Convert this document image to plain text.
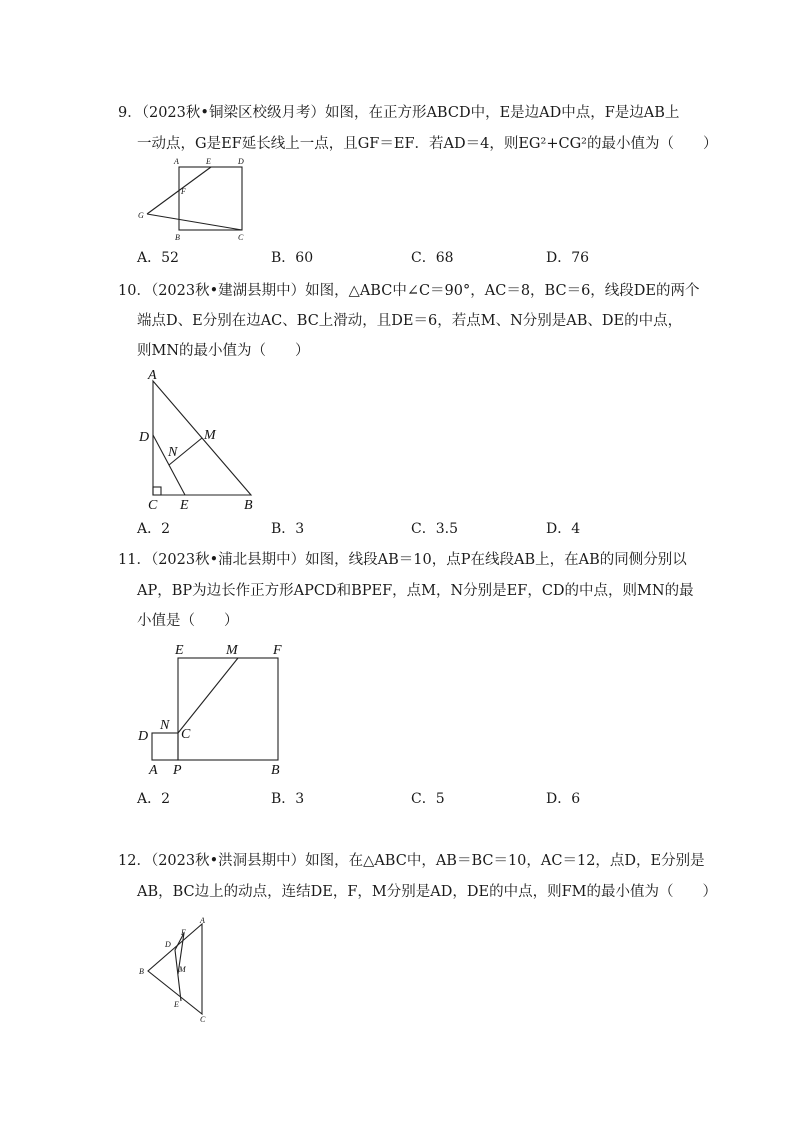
9．（2023秋•铜梁区校级月考）如图，在正方形ABCD中，E是边AD中点，F是边AB上
一动点，G是EF延长线上一点，且GF＝EF．若AD＝4，则EG²+CG²的最小值为（　　）
A	E	D
F
G
B	C
A．52	B．60	C．68	D．76
10．（2023秋•建湖县期中）如图，△ABC中∠C＝90°，AC＝8，BC＝6，线段DE的两个
端点D、E分别在边AC、BC上滑动，且DE＝6，若点M、N分别是AB、DE的中点，
则MN的最小值为（　　）
A
D	M
N
C E	B
A．2	B．3	C．3.5	D．4
11．（2023秋•浦北县期中）如图，线段AB＝10，点P在线段AB上，在AB的同侧分别以
AP，BP为边长作正方形APCD和BPEF，点M，N分别是EF，CD的中点，则MN的最
小值是（　　）
E	M	F
N
D C
A P	B
A．2	B．3	C．5	D．6
12．（2023秋•洪洞县期中）如图，在△ABC中，AB＝BC＝10，AC＝12，点D，E分别是
AB，BC边上的动点，连结DE，F，M分别是AD，DE的中点，则FM的最小值为（　　）
A
F
D
M
B
E
C
